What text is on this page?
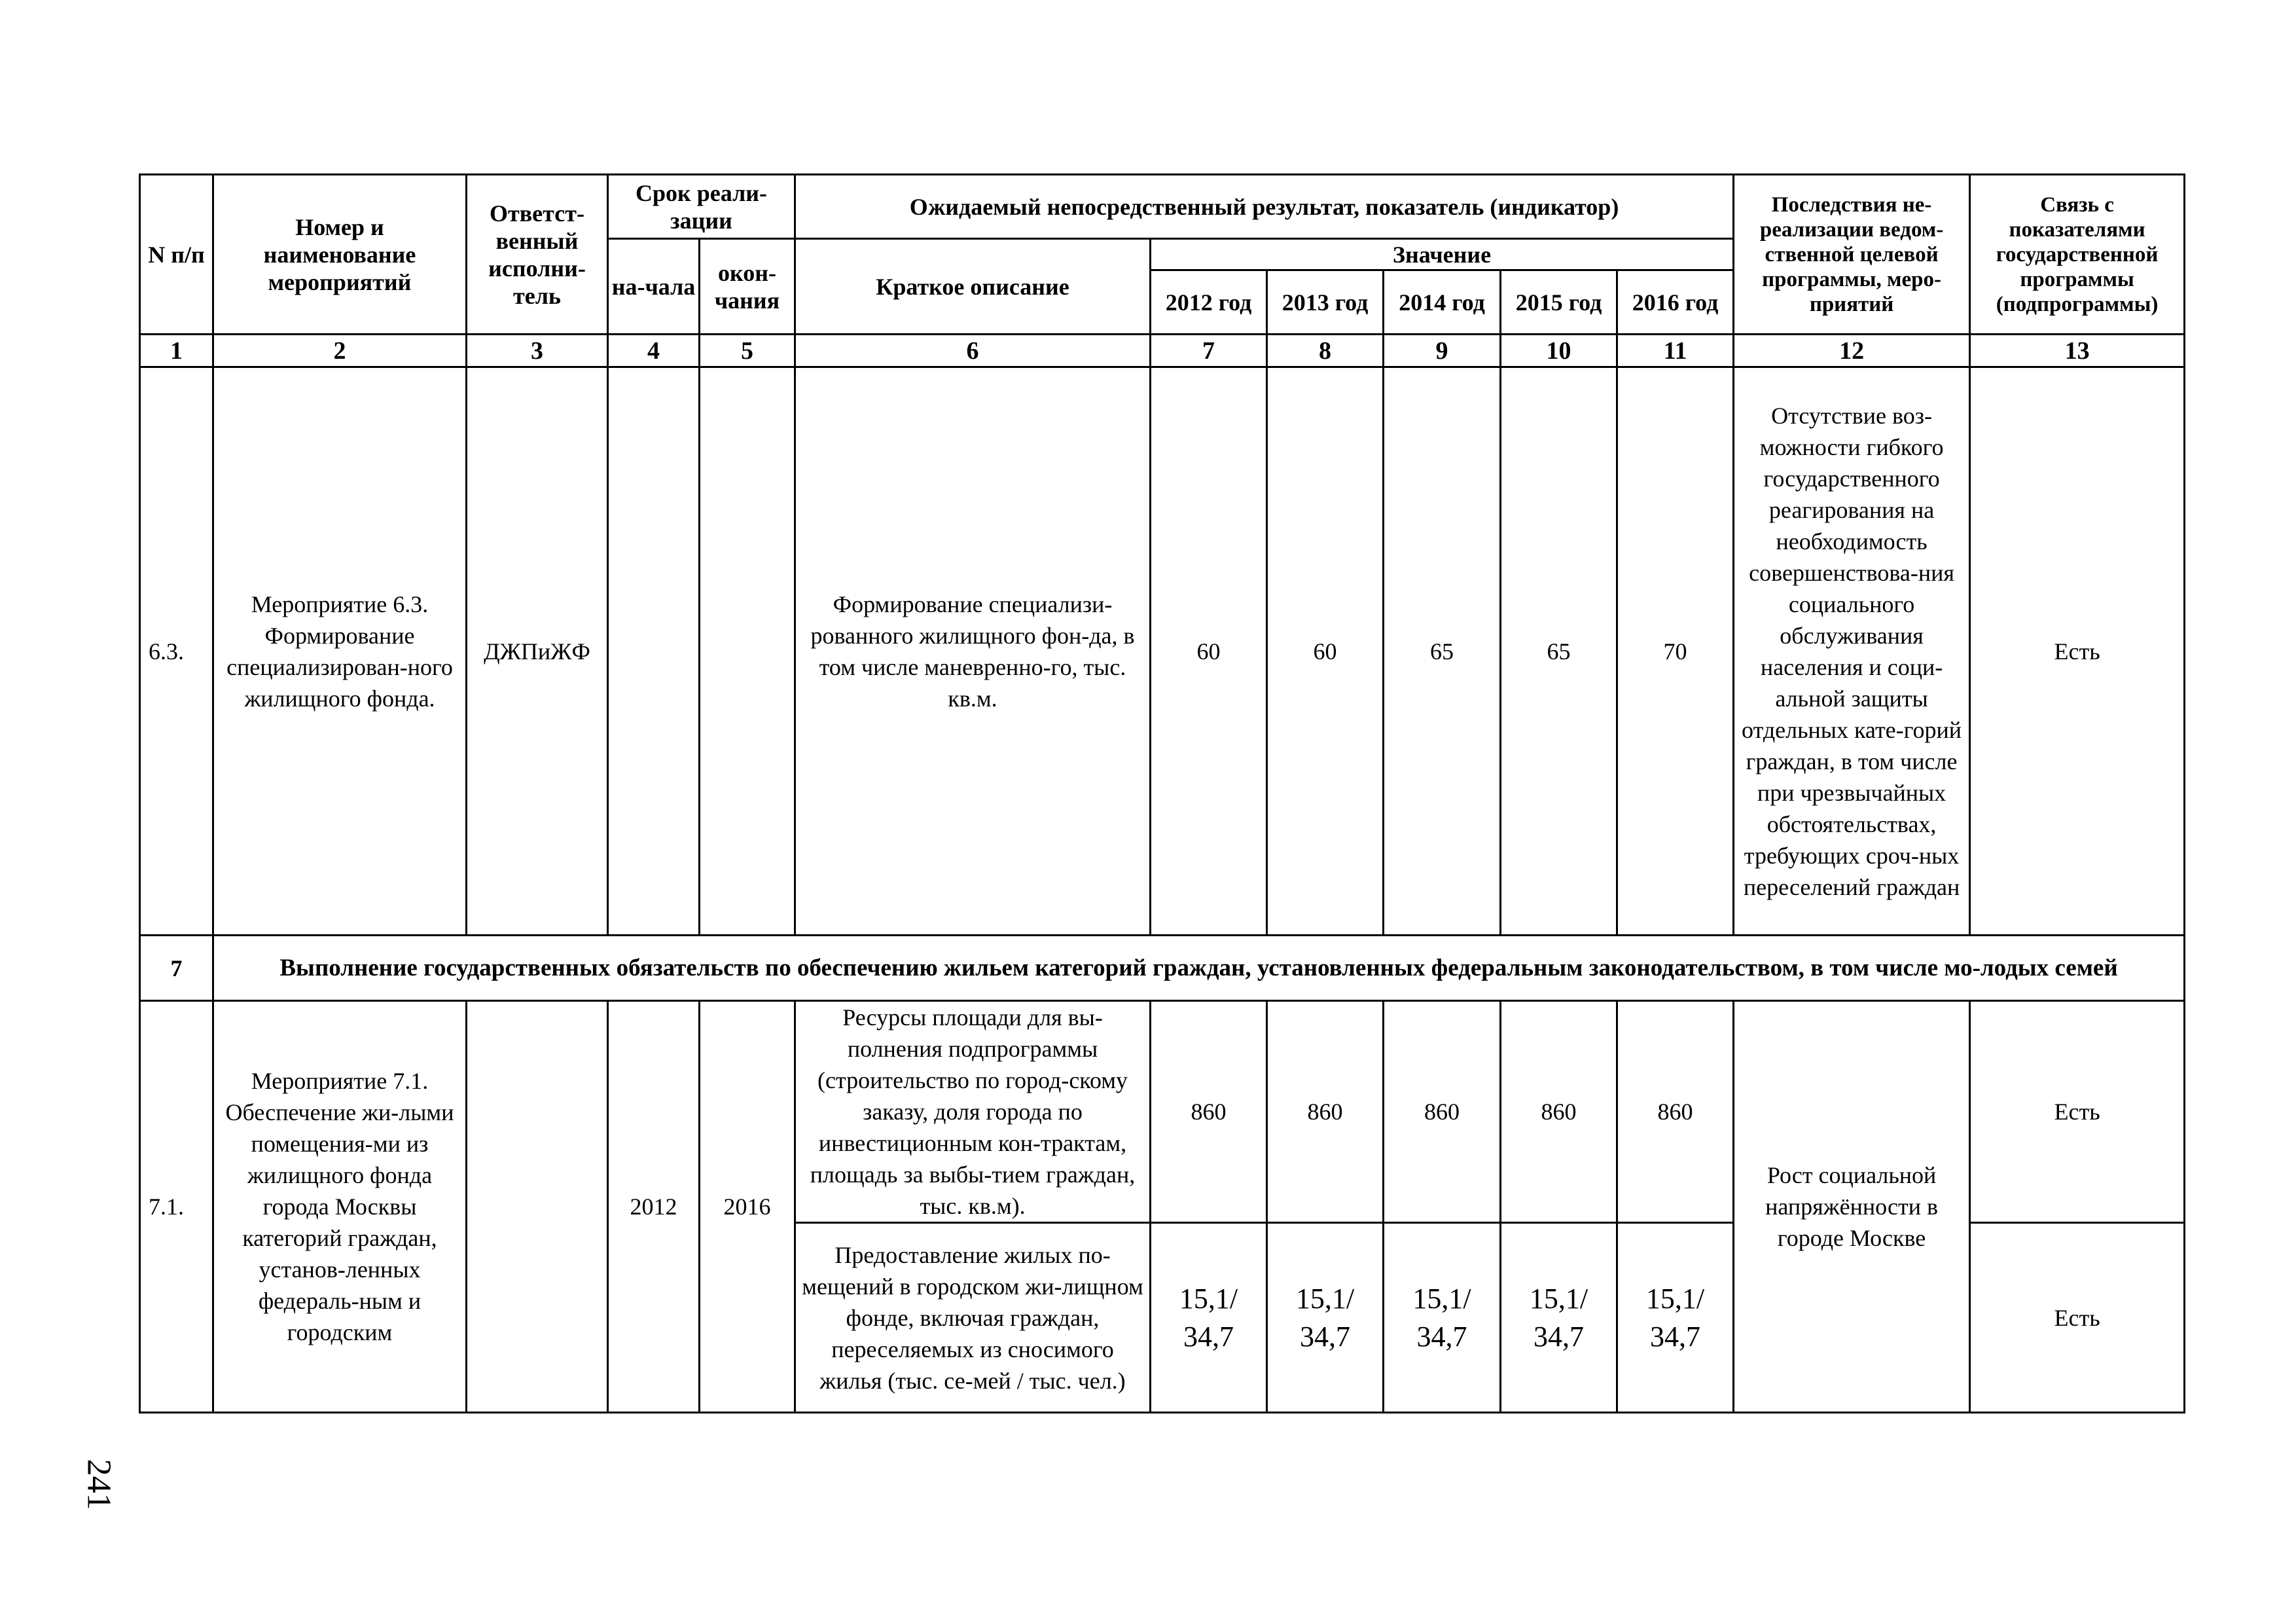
N п/п	Номер и наименование мероприятий	Ответст-венный исполни-тель	Срок реали-зации		Ожидаемый непосредственный результат, показатель (индикатор)						Последствия не-реализации ведом-ственной целевой программы, меро-приятий	Связь с показателями государственной программы (подпрограммы)
			на-чала	окон-чания	Краткое описание	Значение						
						2012 год	2013 год	2014 год	2015 год	2016 год		
1	2	3	4	5	6	7	8	9	10	11	12	13
6.3.	Мероприятие 6.3. Формирование специализирован-ного жилищного фонда.	ДЖПиЖФ			Формирование специализи-рованного жилищного фон-да, в том числе маневренно-го, тыс. кв.м.	60	60	65	65	70	Отсутствие воз-можности гибкого государственного реагирования на необходимость совершенствова-ния социального обслуживания населения и соци-альной защиты отдельных кате-горий граждан, в том числе при чрезвычайных обстоятельствах, требующих сроч-ных переселений граждан	Есть
7	Выполнение государственных обязательств по обеспечению жильем категорий граждан, установленных федеральным законодательством, в том числе мо-лодых семей											
7.1.	Мероприятие 7.1. Обеспечение жи-лыми помещения-ми из жилищного фонда города Москвы категорий граждан, установ-ленных федераль-ным и городским		2012	2016	Ресурсы площади для вы-полнения подпрограммы (строительство по город-скому заказу, доля города по инвестиционным кон-трактам, площадь за выбы-тием граждан, тыс. кв.м).	860	860	860	860	860	Рост социальной напряжённости в городе Москве	Есть
					Предоставление жилых по-мещений в городском жи-лищном фонде, включая граждан, переселяемых из сносимого жилья (тыс. се-мей / тыс. чел.)	15,1/ 34,7	15,1/ 34,7	15,1/ 34,7	15,1/ 34,7	15,1/ 34,7		Есть
241
